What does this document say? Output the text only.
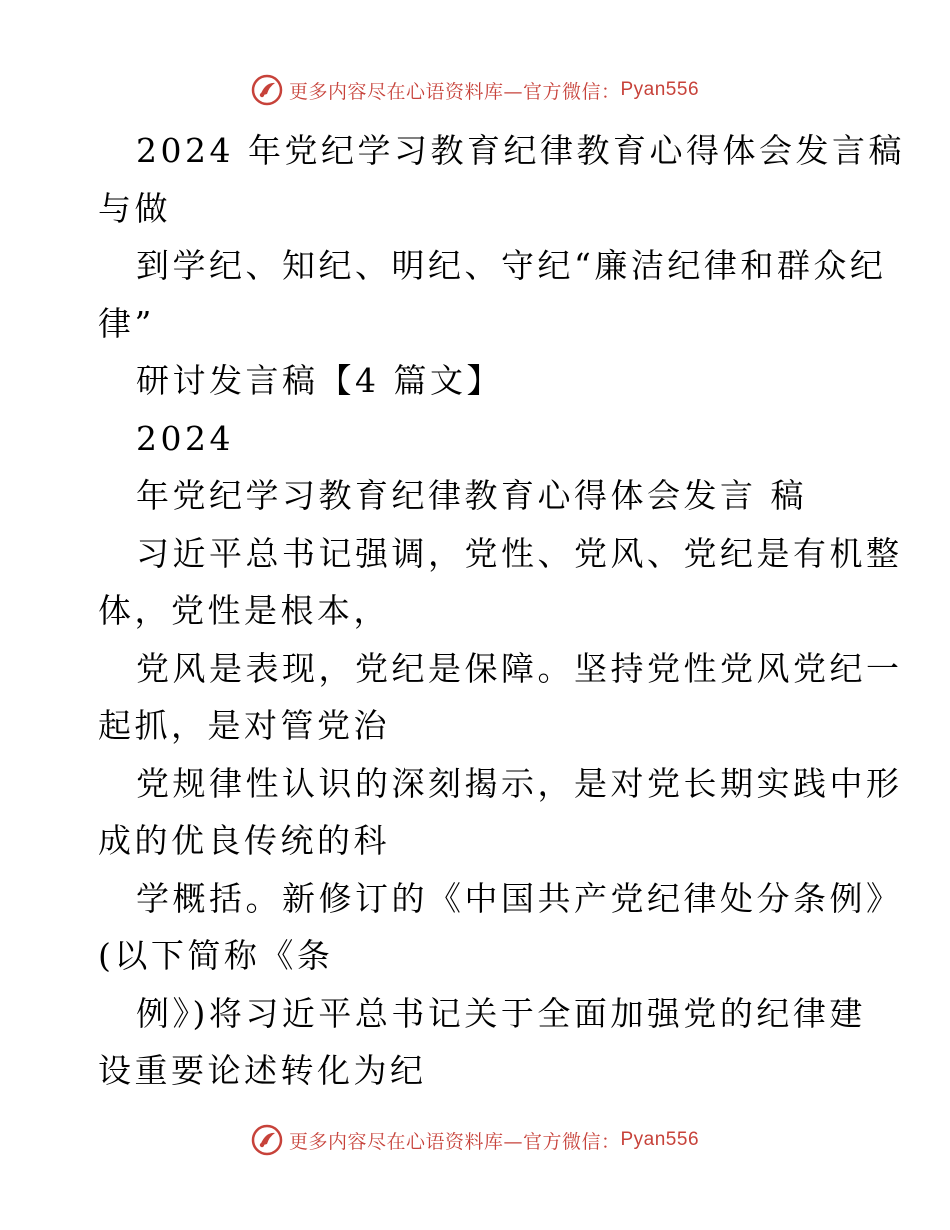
更多内容尽在心语资料库—官方微信： Pyan556
2024 年党纪学习教育纪律教育心得体会发言稿
与做
到学纪、知纪、明纪、守纪“廉洁纪律和群众纪
律”
研讨发言稿【4 篇文】
2024
年党纪学习教育纪律教育心得体会发言 稿
习近平总书记强调，党性、党风、党纪是有机整
体，党性是根本，
党风是表现，党纪是保障。坚持党性党风党纪一
起抓，是对管党治
党规律性认识的深刻揭示，是对党长期实践中形
成的优良传统的科
学概括。新修订的《中国共产党纪律处分条例》
(以下简称《条
例》)将习近平总书记关于全面加强党的纪律建
设重要论述转化为纪
更多内容尽在心语资料库—官方微信： Pyan556
